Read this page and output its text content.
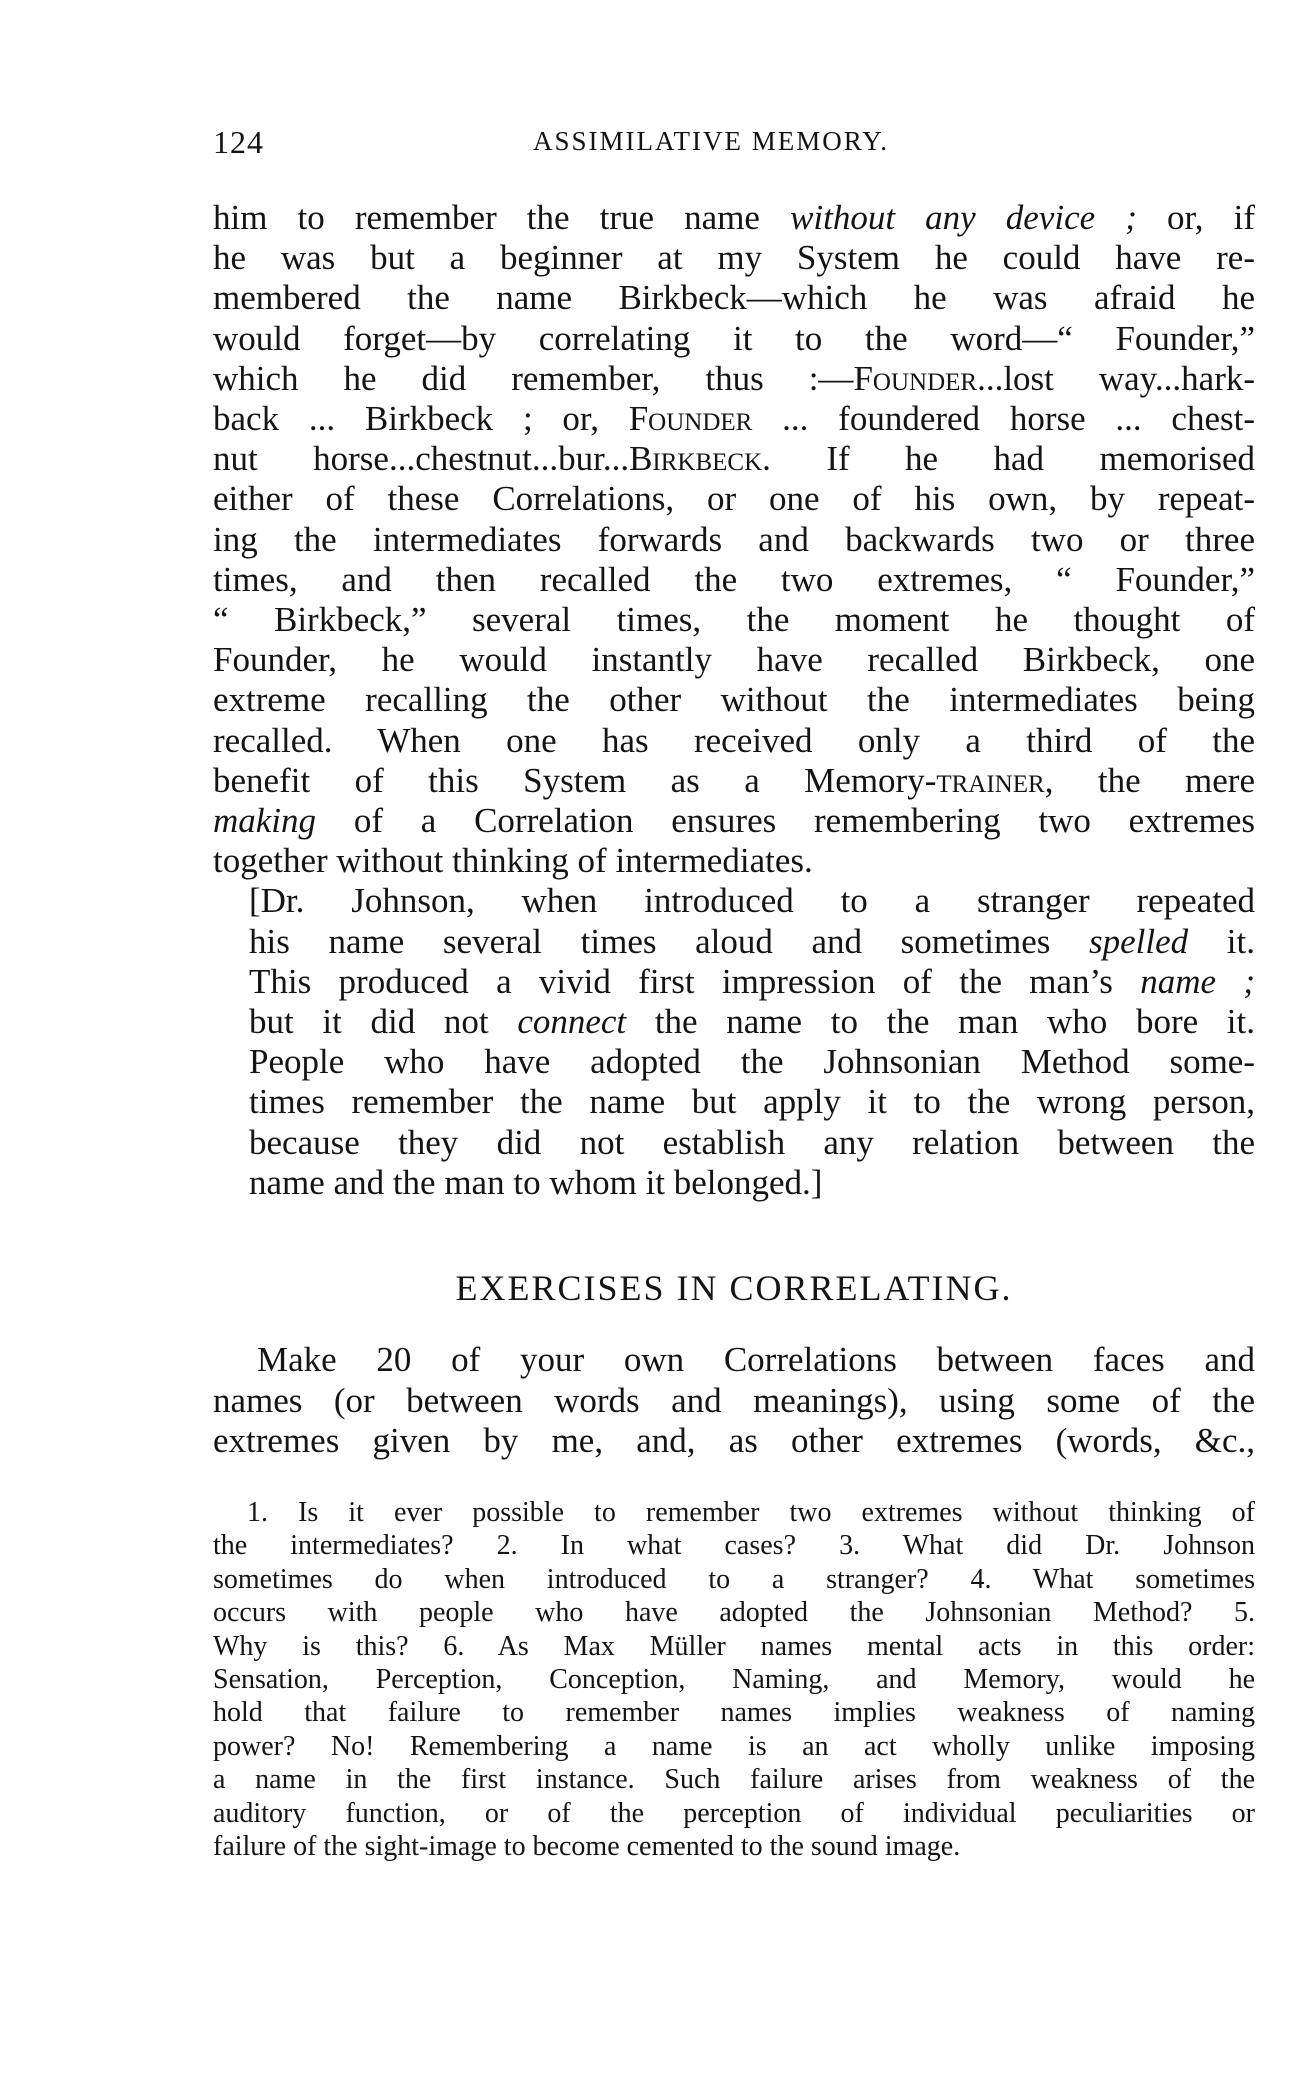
124	ASSIMILATIVE MEMORY.

him to remember the true name without any device ; or, if
he was but a beginner at my System he could have re-
membered the name Birkbeck—which he was afraid he
would forget—by correlating it to the word—“ Founder,”
which he did remember, thus :—Founder...lost way...hark-
back ... Birkbeck ; or, Founder ... foundered horse ... chest-
nut horse...chestnut...bur...Birkbeck. If he had memorised
either of these Correlations, or one of his own, by repeat-
ing the intermediates forwards and backwards two or three
times, and then recalled the two extremes, “ Founder,”
“ Birkbeck,” several times, the moment he thought of
Founder, he would instantly have recalled Birkbeck, one
extreme recalling the other without the intermediates being
recalled. When one has received only a third of the
benefit of this System as a Memory-trainer, the mere
making of a Correlation ensures remembering two extremes
together without thinking of intermediates.

[Dr. Johnson, when introduced to a stranger repeated
his name several times aloud and sometimes spelled it.
This produced a vivid first impression of the man’s name ;
but it did not connect the name to the man who bore it.
People who have adopted the Johnsonian Method some-
times remember the name but apply it to the wrong person,
because they did not establish any relation between the
name and the man to whom it belonged.]

EXERCISES IN CORRELATING.
Make 20 of your own Correlations between faces and
names (or between words and meanings), using some of the
extremes given by me, and, as other extremes (words, &c.,
1. Is it ever possible to remember two extremes without thinking of
the intermediates? 2. In what cases? 3. What did Dr. Johnson
sometimes do when introduced to a stranger? 4. What sometimes
occurs with people who have adopted the Johnsonian Method? 5.
Why is this? 6. As Max Müller names mental acts in this order:
Sensation, Perception, Conception, Naming, and Memory, would he
hold that failure to remember names implies weakness of naming
power? No! Remembering a name is an act wholly unlike imposing
a name in the first instance. Such failure arises from weakness of the
auditory function, or of the perception of individual peculiarities or
failure of the sight-image to become cemented to the sound image.
